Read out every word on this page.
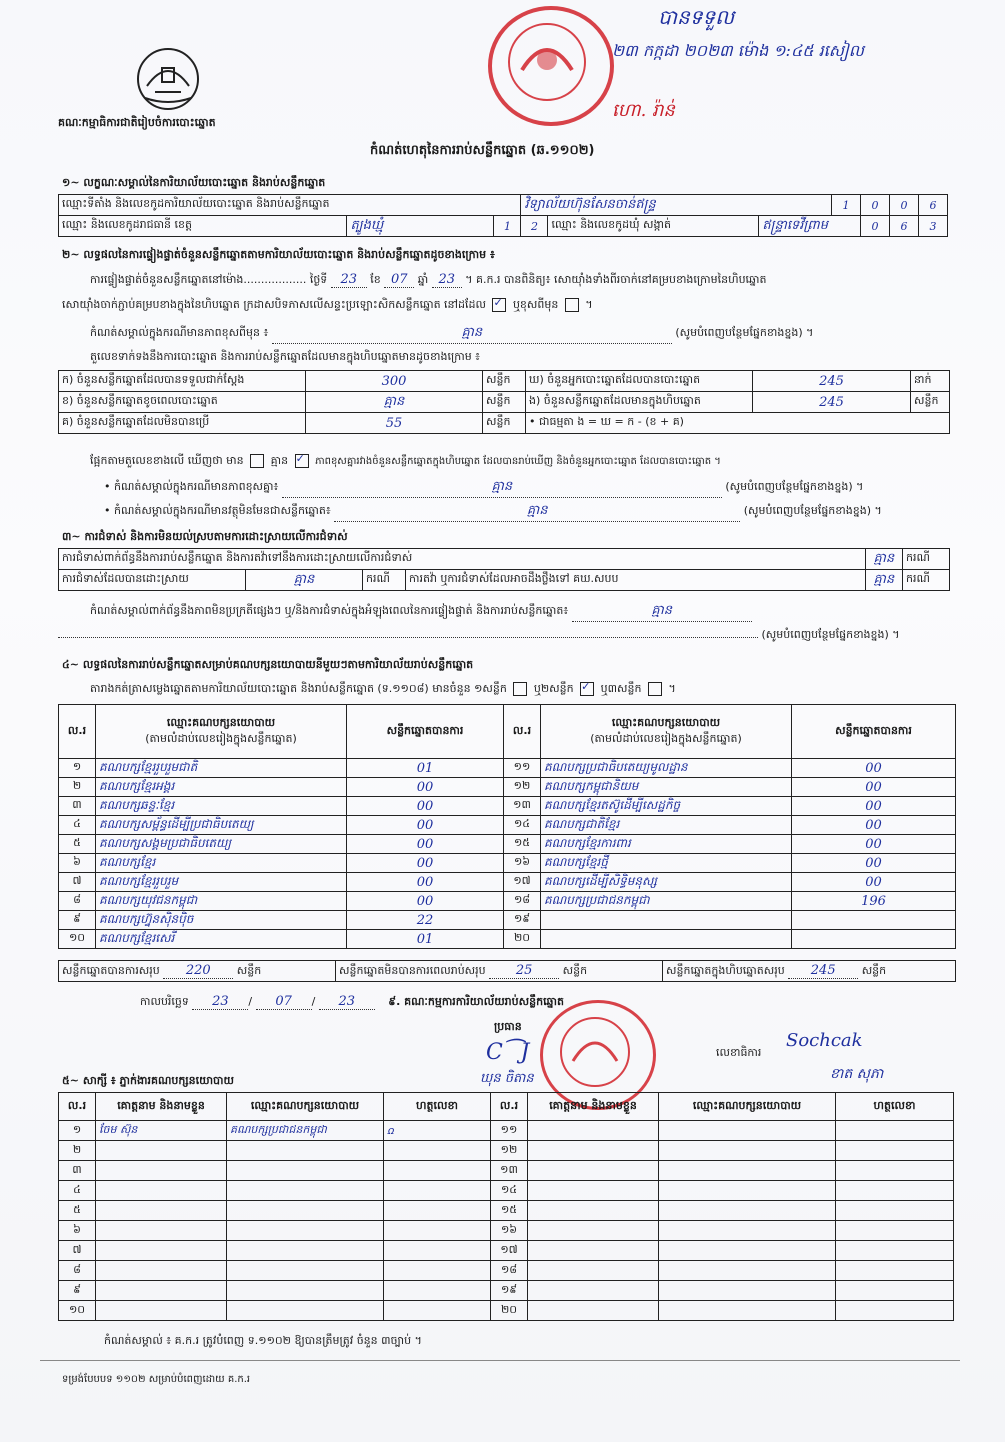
គណៈកម្មាធិការជាតិរៀបចំការបោះឆ្នោត
បានទទួល
២៣ កក្កដា ២០២៣ ម៉ោង ១:៤៥ រសៀល
ហោ. រ៉ាន់
កំណត់ហេតុនៃការរាប់សន្លឹកឆ្នោត (ឆ.១១០២)
១~ លក្ខណៈសម្គាល់នៃការិយាល័យបោះឆ្នោត និងរាប់សន្លឹកឆ្នោត
ឈ្មោះទីតាំង និងលេខកូដការិយាល័យបោះឆ្នោត និងរាប់សន្លឹកឆ្នោត			វិទ្យាល័យហ៊ុនសែនចាន់ឥន្ទ្រ			1	0	0	6
ឈ្មោះ និងលេខកូដរាជធានី ខេត្ត	ត្បូងឃ្មុំ	1	2	ឈ្មោះ និងលេខកូដឃុំ សង្កាត់	ឥន្ទ្រាទេវីព្រាម		0	6	3
២~ លទ្ធផលនៃការផ្ទៀងផ្ទាត់ចំនួនសន្លឹកឆ្នោតតាមការិយាល័យបោះឆ្នោត និងរាប់សន្លឹកឆ្នោតដូចខាងក្រោម ៖
ការផ្ទៀងផ្ទាត់ចំនួនសន្លឹកឆ្នោតនៅម៉ោង.................. ថ្ងៃទី 23 ខែ 07 ឆ្នាំ 23 ។ គ.ក.រ បានពិនិត្យ៖ សោយ៉ាំងទាំងពីរចាក់នៅគម្របខាងក្រោមនៃហិបឆ្នោត
សោយ៉ាំងចាក់ភ្ជាប់គម្របខាងក្នុងនៃហិបឆ្នោត ក្រដាសបិទភាសលើសន្ទះប្រឡោះសិកសន្លឹកឆ្នោត នៅដដែល ✓ ឬខុសពីមុន  ។
កំណត់សម្គាល់ក្នុងករណីមានភាពខុសពីមុន ៖	គ្មាន	(សូមបំពេញបន្ថែមផ្នែកខាងខ្នង) ។
តួលេខទាក់ទងនឹងការបោះឆ្នោត និងការរាប់សន្លឹកឆ្នោតដែលមានក្នុងហិបឆ្នោតមានដូចខាងក្រោម ៖
ក) ចំនួនសន្លឹកឆ្នោតដែលបានទទួលជាក់ស្តែង	300	សន្លឹក	ឃ) ចំនួនអ្នកបោះឆ្នោតដែលបានបោះឆ្នោត	245	នាក់
ខ) ចំនួនសន្លឹកឆ្នោតខូចពេលបោះឆ្នោត	គ្មាន	សន្លឹក	ង) ចំនួនសន្លឹកឆ្នោតដែលមានក្នុងហិបឆ្នោត	245	សន្លឹក
គ) ចំនួនសន្លឹកឆ្នោតដែលមិនបានប្រើ	55	សន្លឹក	• ជាធម្មតា ង = ឃ = ក - (ខ + គ)		
ផ្អែកតាមតួលេខខាងលើ ឃើញថា មាន គ្មាន ✓ ភាពខុសគ្នារវាងចំនួនសន្លឹកឆ្នោតក្នុងហិបឆ្នោត ដែលបានរាប់ឃើញ និងចំនួនអ្នកបោះឆ្នោត ដែលបានបោះឆ្នោត ។
• កំណត់សម្គាល់ក្នុងករណីមានភាពខុសគ្នា៖	គ្មាន	(សូមបំពេញបន្ថែមផ្នែកខាងខ្នង) ។
• កំណត់សម្គាល់ក្នុងករណីមានវត្ថុមិនមែនជាសន្លឹកឆ្នោត៖	គ្មាន	(សូមបំពេញបន្ថែមផ្នែកខាងខ្នង) ។
៣~ ការជំទាស់ និងការមិនយល់ស្របតាមការដោះស្រាយលើការជំទាស់
ការជំទាស់ពាក់ព័ន្ធនឹងការរាប់សន្លឹកឆ្នោត និងការតវ៉ាទៅនឹងការដោះស្រាយលើការជំទាស់				គ្មាន	ករណី
ការជំទាស់ដែលបានដោះស្រាយ	គ្មាន	ករណី	ការតវ៉ា ឬការជំទាស់ដែលអាចដឹងថ្លឹងទៅ គឃ.សបប	គ្មាន	ករណី
កំណត់សម្គាល់ពាក់ព័ន្ធនឹងភាពមិនប្រក្រតីផ្សេងៗ ឬ/និងការជំទាស់ក្នុងអំឡុងពេលនៃការផ្ទៀងផ្ទាត់ និងការរាប់សន្លឹកឆ្នោត៖	គ្មាន
(សូមបំពេញបន្ថែមផ្នែកខាងខ្នង) ។
៤~ លទ្ធផលនៃការរាប់សន្លឹកឆ្នោតសម្រាប់គណបក្សនយោបាយនីមួយៗតាមការិយាល័យរាប់សន្លឹកឆ្នោត
តារាងកត់ត្រាសម្លេងឆ្នោតតាមការិយាល័យបោះឆ្នោត និងរាប់សន្លឹកឆ្នោត (ទ.១១០៨) មានចំនួន ១សន្លឹក ឬ២សន្លឹក ✓ ឬ៣សន្លឹក  ។
ល.រ	ឈ្មោះគណបក្សនយោបាយ
(តាមលំដាប់លេខរៀងក្នុងសន្លឹកឆ្នោត)	សន្លឹកឆ្នោតបានការ	ល.រ	ឈ្មោះគណបក្សនយោបាយ
(តាមលំដាប់លេខរៀងក្នុងសន្លឹកឆ្នោត)	សន្លឹកឆ្នោតបានការ
១	គណបក្សខ្មែររួបរួមជាតិ	01	១១	គណបក្សប្រជាធិបតេយ្យមូលដ្ឋាន	00
២	គណបក្សខ្មែរអង្គរ	00	១២	គណបក្សកម្ពុជានិយម	00
៣	គណបក្សឆន្ទៈខ្មែរ	00	១៣	គណបក្សខ្មែរតស៊ូដើម្បីសេដ្ឋកិច្ច	00
៤	គណបក្សសម្ព័ន្ធដើម្បីប្រជាធិបតេយ្យ	00	១៤	គណបក្សជាតិខ្មែរ	00
៥	គណបក្សសង្គមប្រជាធិបតេយ្យ	00	១៥	គណបក្សខ្មែរការពារ	00
៦	គណបក្សខ្មែរ	00	១៦	គណបក្សខ្មែរថ្មី	00
៧	គណបក្សខ្មែររួបរួម	00	១៧	គណបក្សដើម្បីសិទ្ធិមនុស្ស	00
៨	គណបក្សយុវជនកម្ពុជា	00	១៨	គណបក្សប្រជាជនកម្ពុជា	196
៩	គណបក្សហ្វ៊ុនស៊ិនប៉ិច	22	១៩		
១០	គណបក្សខ្មែរសេរី	01	២០		
សន្លឹកឆ្នោតបានការសរុប 220 សន្លឹក	សន្លឹកឆ្នោតមិនបានការពេលរាប់សរុប 25	សន្លឹក	សន្លឹកឆ្នោតក្នុងហិបឆ្នោតសរុប 245 សន្លឹក
កាលបរិច្ឆេទ 23 / 07 / 23	៩. គណៈកម្មការការិយាល័យរាប់សន្លឹកឆ្នោត
ប្រធាន
C⁀J
ឃុន ចិតាន
លេខាធិការ
Sochcak
ខាត សុភា
៥~ សាក្សី ៖ ភ្នាក់ងារគណបក្សនយោបាយ
ល.រ	គោត្តនាម និងនាមខ្លួន	ឈ្មោះគណបក្សនយោបាយ	ហត្ថលេខា	ល.រ	គោត្តនាម និងនាមខ្លួន	ឈ្មោះគណបក្សនយោបាយ	ហត្ថលេខា
១	ចែម ស៊ុន	គណបក្សប្រជាជនកម្ពុជា	ꭥ	១១			
២				១២			
៣				១៣			
៤				១៤			
៥				១៥			
៦				១៦			
៧				១៧			
៨				១៨			
៩				១៩			
១០				២០			
កំណត់សម្គាល់ ៖ គ.ក.រ ត្រូវបំពេញ ទ.១១០២ ឱ្យបានត្រឹមត្រូវ ចំនួន ៣ច្បាប់ ។
ទម្រង់បែបបទ ១១០២ សម្រាប់បំពេញដោយ គ.ក.រ
